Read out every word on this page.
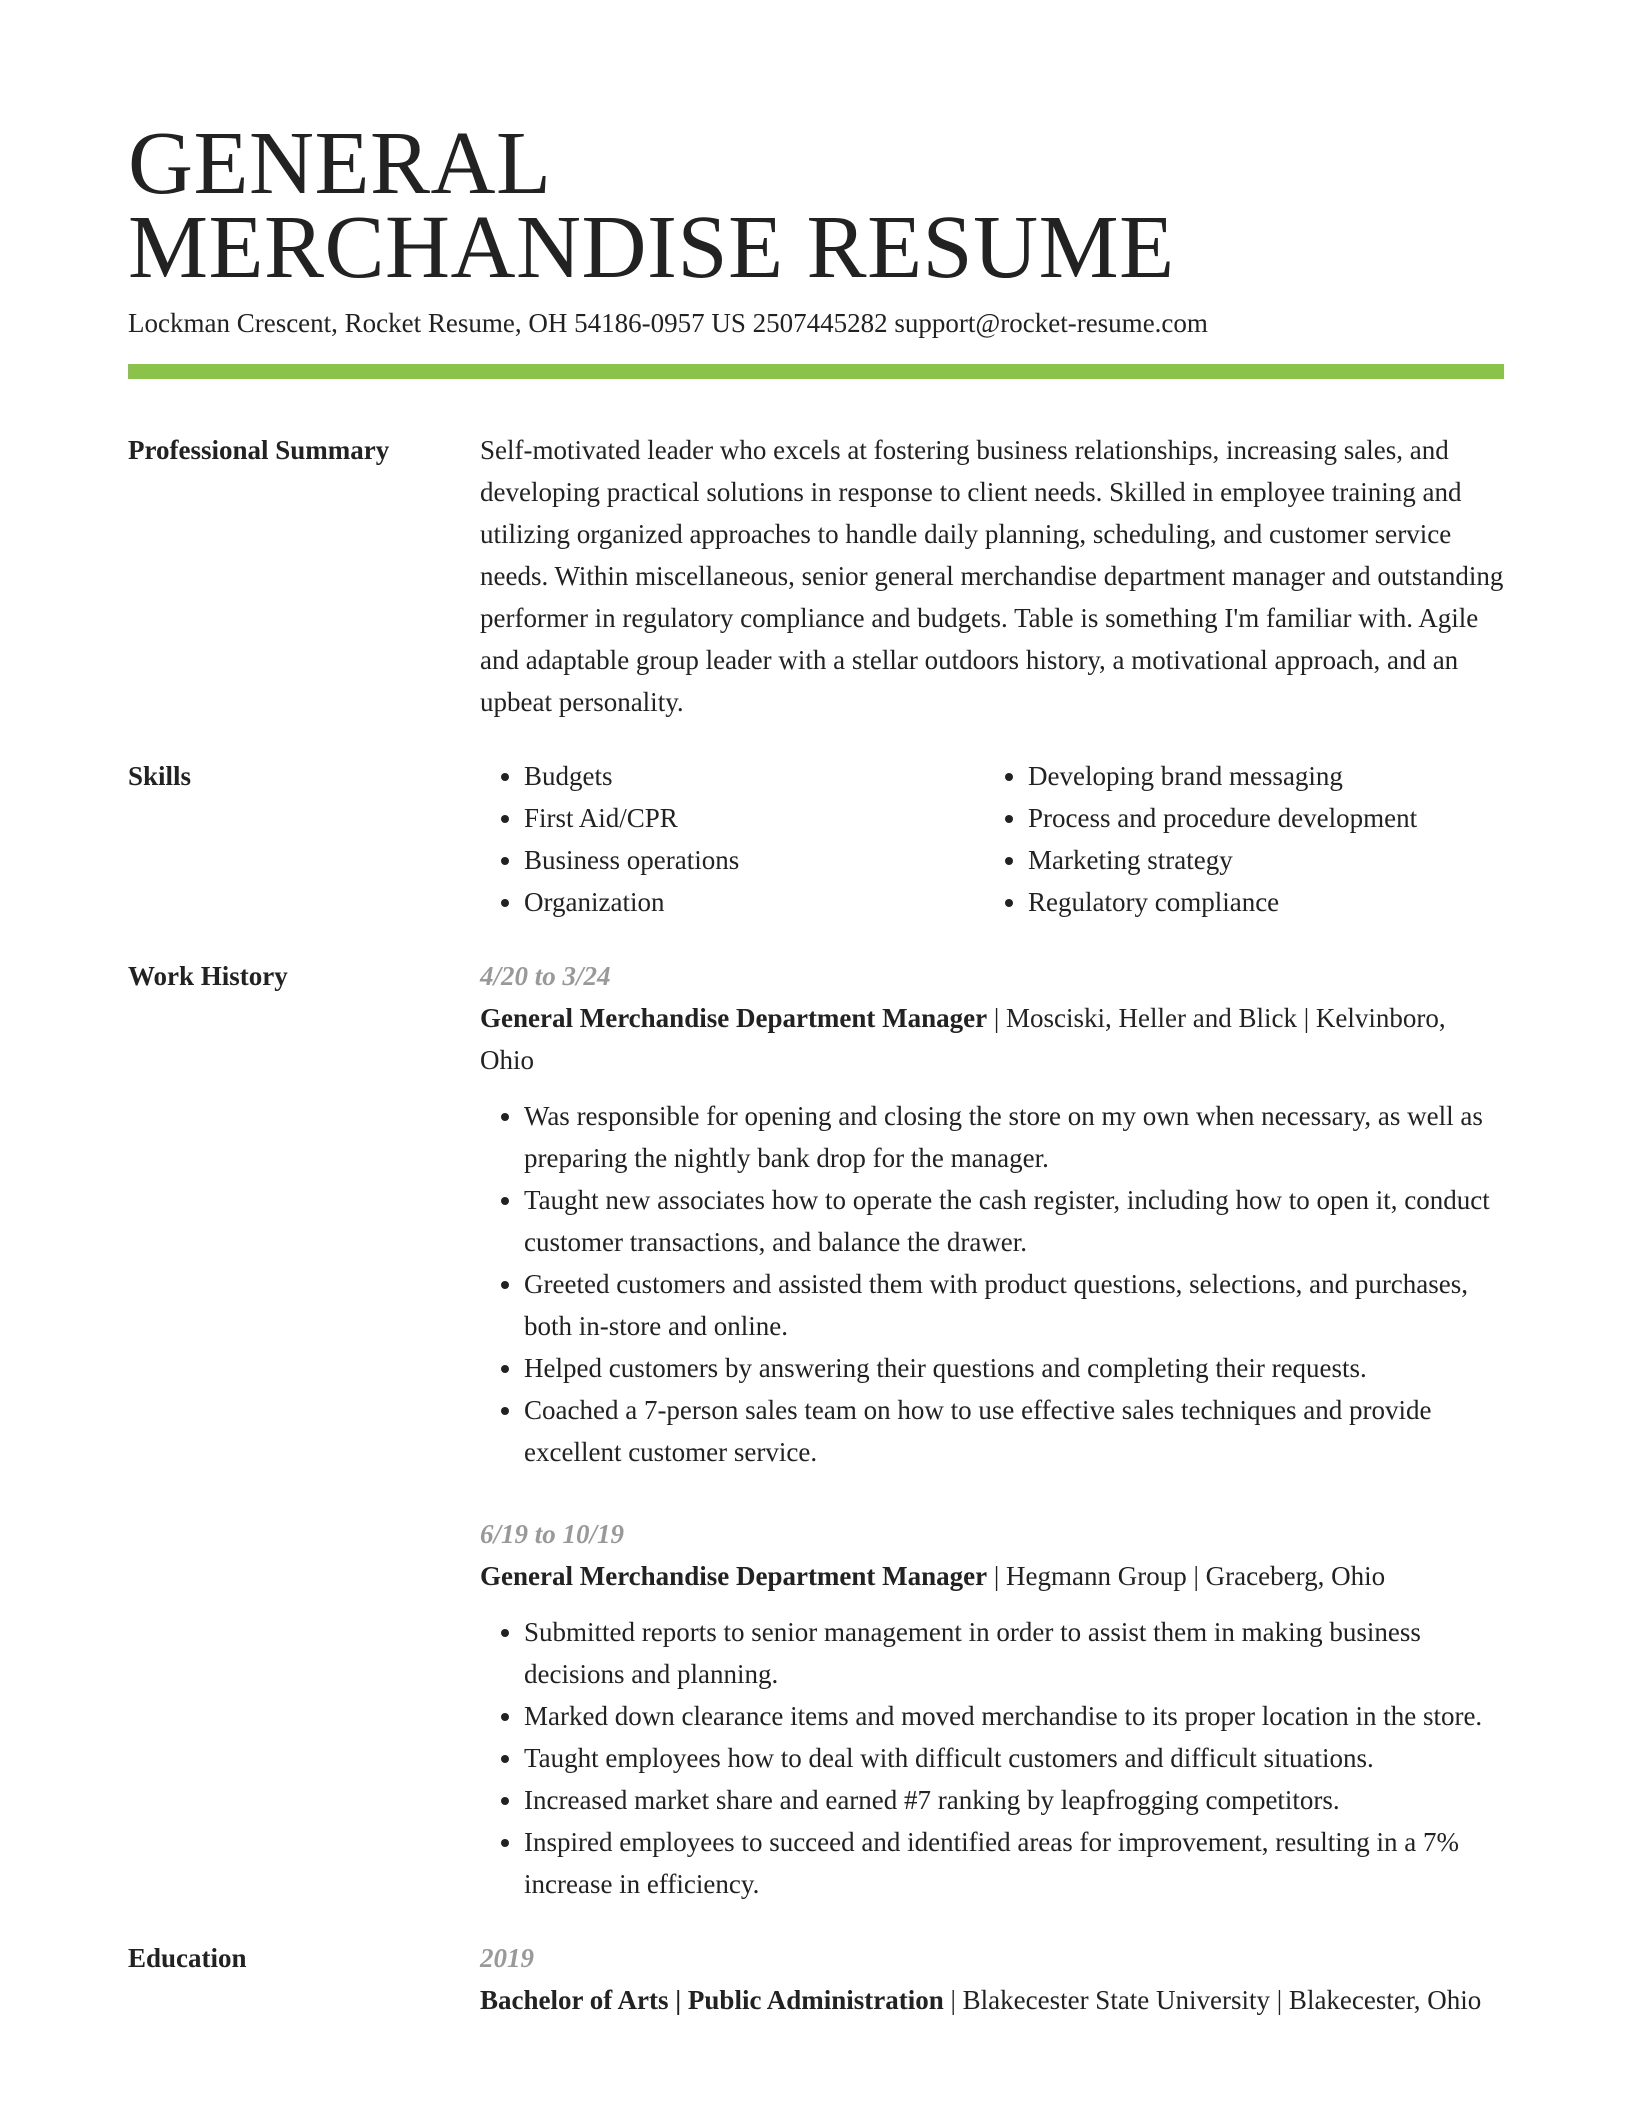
GENERAL
MERCHANDISE RESUME
Lockman Crescent, Rocket Resume, OH 54186-0957 US 2507445282 support@rocket-resume.com
Professional Summary	Self-motivated leader who excels at fostering business relationships, increasing sales, and developing practical solutions in response to client needs. Skilled in employee training and utilizing organized approaches to handle daily planning, scheduling, and customer service needs. Within miscellaneous, senior general merchandise department manager and outstanding performer in regulatory compliance and budgets. Table is something I'm familiar with. Agile and adaptable group leader with a stellar outdoors history, a motivational approach, and an upbeat personality.
Skills
•	Budgets
• First Aid/CPR
• Business operations
• Organization
• Developing brand messaging
• Process and procedure development
• Marketing strategy
• Regulatory compliance
Work History	4/20 to 3/24
General Merchandise Department Manager | Mosciski, Heller and Blick | Kelvinboro, Ohio
• Was responsible for opening and closing the store on my own when necessary, as well as preparing the nightly bank drop for the manager.
• Taught new associates how to operate the cash register, including how to open it, conduct customer transactions, and balance the drawer.
• Greeted customers and assisted them with product questions, selections, and purchases, both in-store and online.
• Helped customers by answering their questions and completing their requests.
• Coached a 7-person sales team on how to use effective sales techniques and provide excellent customer service.
6/19 to 10/19
General Merchandise Department Manager | Hegmann Group | Graceberg, Ohio
• Submitted reports to senior management in order to assist them in making business decisions and planning.
• Marked down clearance items and moved merchandise to its proper location in the store.
• Taught employees how to deal with difficult customers and difficult situations.
• Increased market share and earned #7 ranking by leapfrogging competitors.
• Inspired employees to succeed and identified areas for improvement, resulting in a 7% increase in efficiency.
Education	2019
Bachelor of Arts | Public Administration | Blakecester State University | Blakecester, Ohio
